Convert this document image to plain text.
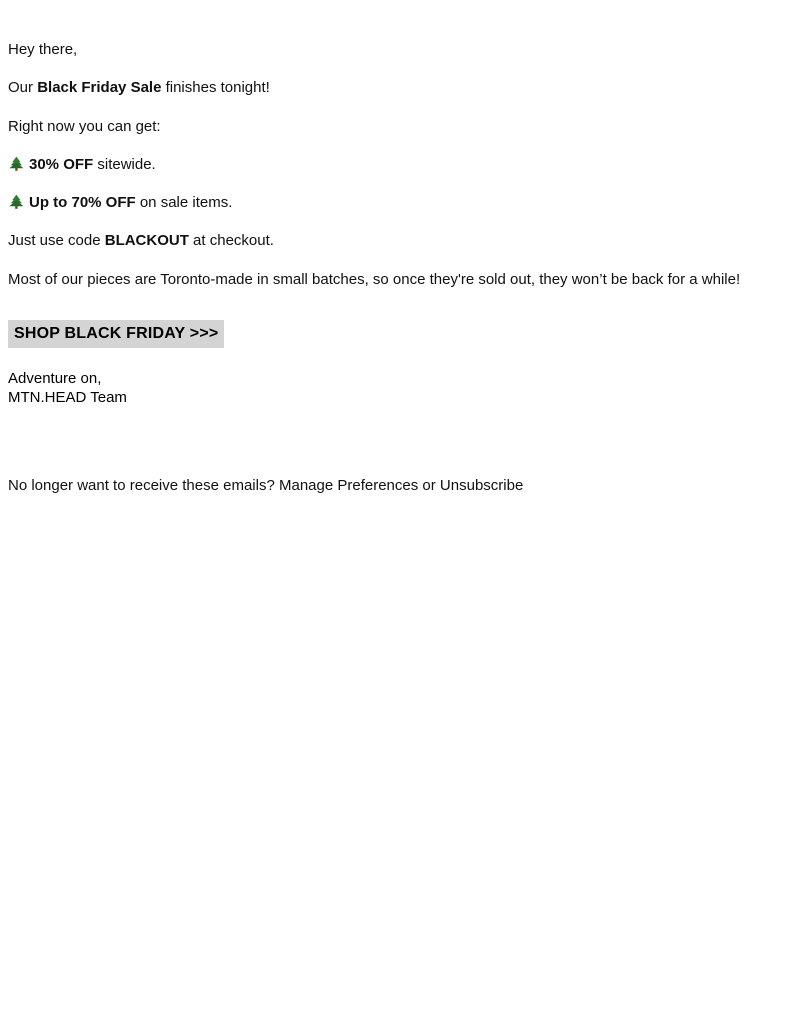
Hey there,

Our Black Friday Sale finishes tonight!

Right now you can get:

30% OFF sitewide.

Up to 70% OFF on sale items.

Just use code BLACKOUT at checkout.

Most of our pieces are Toronto-made in small batches, so once they're sold out, they won’t be back for a while!

SHOP BLACK FRIDAY >>>
Adventure on,
MTN.HEAD Team
No longer want to receive these emails? Manage Preferences or Unsubscribe
